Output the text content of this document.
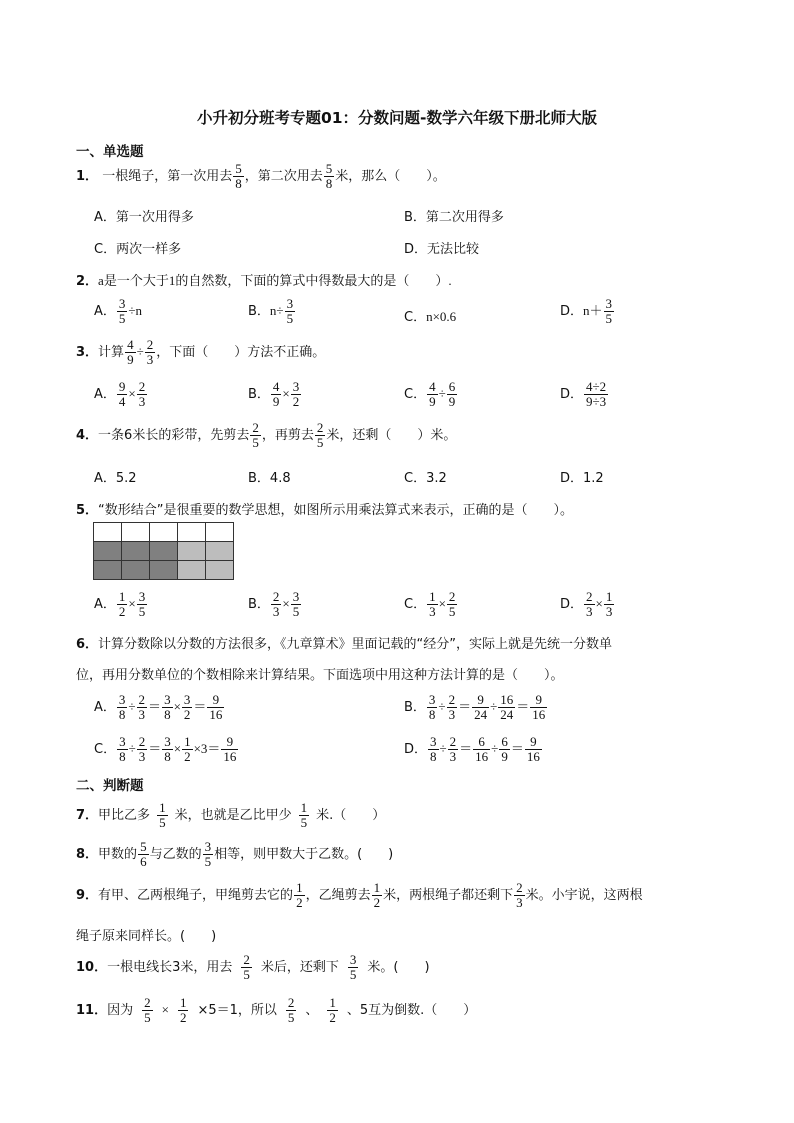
小升初分班考专题01：分数问题-数学六年级下册北师大版
一、单选题
1． 一根绳子，第一次用去 $\frac{5}{8}$ ，第二次用去 $\frac{5}{8}$ 米，那么（　　）。
A．第一次用得多	B．第二次用得多
C．两次一样多	D．无法比较
2．a是一个大于1的自然数，下面的算式中得数最大的是（　　）.
A． $\frac{3}{5} \div n$	B．$n\div \frac{3}{5}$	C．n×0.6	D．$n+ \frac{3}{5}$
3．计算 $\frac{4}{9} \div \frac{2}{3}$ ，下面（　　）方法不正确。
A． $\frac{9}{4} \times \frac{2}{3}$	B． $\frac{4}{9} \times \frac{3}{2}$	C． $\frac{4}{9} \div \frac{6}{9}$	D． $\frac{4\div 2}{9\div 3}$
4．一条6米长的彩带，先剪去 $\frac{2}{5}$ ，再剪去 $\frac{2}{5}$ 米，还剩（　　）米。
A．5.2	B．4.8	C．3.2	D．1.2
5．“数形结合”是很重要的数学思想，如图所示用乘法算式来表示，正确的是（　　）。

A． $\frac{1}{2} \times \frac{3}{5}$	B． $\frac{2}{3} \times \frac{3}{5}$	C． $\frac{1}{3} \times \frac{2}{5}$	D． $\frac{2}{3} \times \frac{1}{3}$
6．计算分数除以分数的方法很多，《九章算术》里面记载的“经分”，实际上就是先统一分数单
位，再用分数单位的个数相除来计算结果。下面选项中用这种方法计算的是（　　）。
A． $\frac{3}{8} \div \frac{2}{3} = \frac{3}{8} \times \frac{3}{2} = \frac{9}{16}$	B． $\frac{3}{8} \div \frac{2}{3} = \frac{9}{24} \div \frac{16}{24} = \frac{9}{16}$
C． $\frac{3}{8} \div \frac{2}{3} = \frac{3}{8} \times \frac{1}{2} \times 3= \frac{9}{16}$	D． $\frac{3}{8} \div \frac{2}{3} = \frac{6}{16} \div \frac{6}{9} = \frac{9}{16}$
二、判断题
7．甲比乙多 $\frac{1}{5}$ 米，也就是乙比甲少 $\frac{1}{5}$ 米.（　　）
8．甲数的 $\frac{5}{6}$ 与乙数的 $\frac{3}{5}$ 相等，则甲数大于乙数。(　　)
9．有甲、乙两根绳子，甲绳剪去它的 $\frac{1}{2}$ ，乙绳剪去 $\frac{1}{2}$ 米，两根绳子都还剩下 $\frac{2}{3}$ 米。小宇说，这两根
绳子原来同样长。(　　)
10．一根电线长3米，用去 $\frac{2}{5}$ 米后，还剩下 $\frac{3}{5}$ 米。(　　)
11．因为 $\frac{2}{5} \times \frac{1}{2} \times 5=1$，所以 $\frac{2}{5}$ 、 $\frac{1}{2}$ 、5互为倒数.（　　）
